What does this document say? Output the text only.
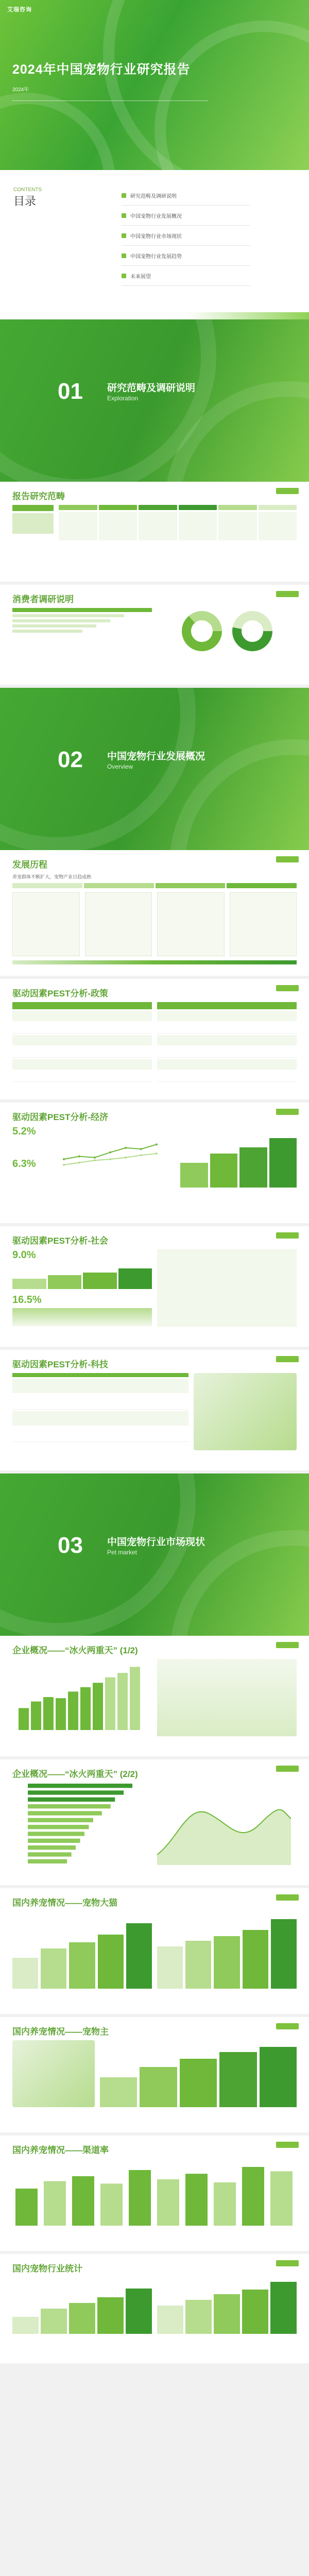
艾瑞咨询
2024年中国宠物行业研究报告
2024年
CONTENTS
目录	研究范畴及调研说明
中国宠物行业发展概况
中国宠物行业市场现状
中国宠物行业发展趋势
未来展望
01 研究范畴及调研说明
Exploration
报告研究范畴
消费者调研说明
02 中国宠物行业发展概况
Overview
发展历程
养宠群体不断扩大，宠物产业日趋成熟
驱动因素PEST分析-政策
驱动因素PEST分析-经济
5.2%
6.3%
驱动因素PEST分析-社会
9.0%
16.5%
驱动因素PEST分析-科技
03 中国宠物行业市场现状
Pet market
企业概况——“冰火两重天” (1/2)
企业概况——“冰火两重天” (2/2)
国内养宠情况——宠物大猫
国内养宠情况——宠物主
国内养宠情况——渠道率
国内宠物行业统计
